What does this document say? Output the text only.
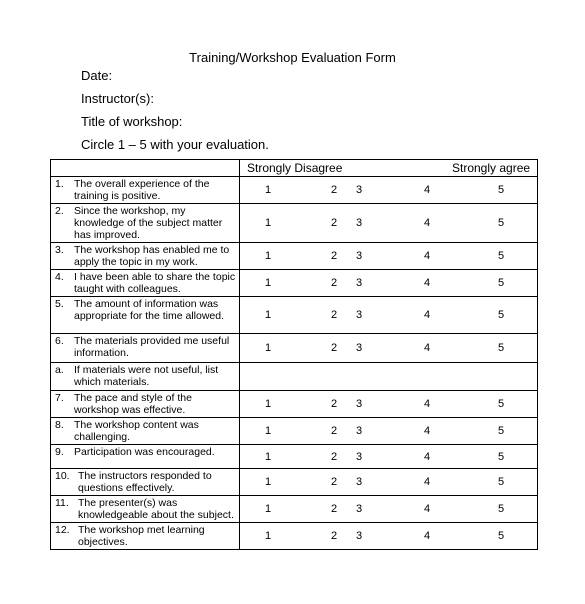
Training/Workshop Evaluation Form
Date:
Instructor(s):
Title of workshop:
Circle 1 – 5 with your evaluation.

	Strongly Disagree Strongly agree

1. The overall experience of the training is positive.	1 2 3 4 5

2. Since the workshop, my knowledge of the subject matter has improved.	1 2 3 4 5

3. The workshop has enabled me to apply the topic in my work.	1 2 3 4 5

4. I have been able to share the topic taught with colleagues.	1 2 3 4 5

5. The amount of information was appropriate for the time allowed.	1 2 3 4 5

6. The materials provided me useful information.	1 2 3 4 5

a. If materials were not useful, list which materials.	

7. The pace and style of the workshop was effective.	1 2 3 4 5

8. The workshop content was challenging.	1 2 3 4 5

9. Participation was encouraged.	1 2 3 4 5

10. The instructors responded to questions effectively.	1 2 3 4 5

11. The presenter(s) was knowledgeable about the subject.	1 2 3 4 5

12. The workshop met learning objectives.	1 2 3 4 5
